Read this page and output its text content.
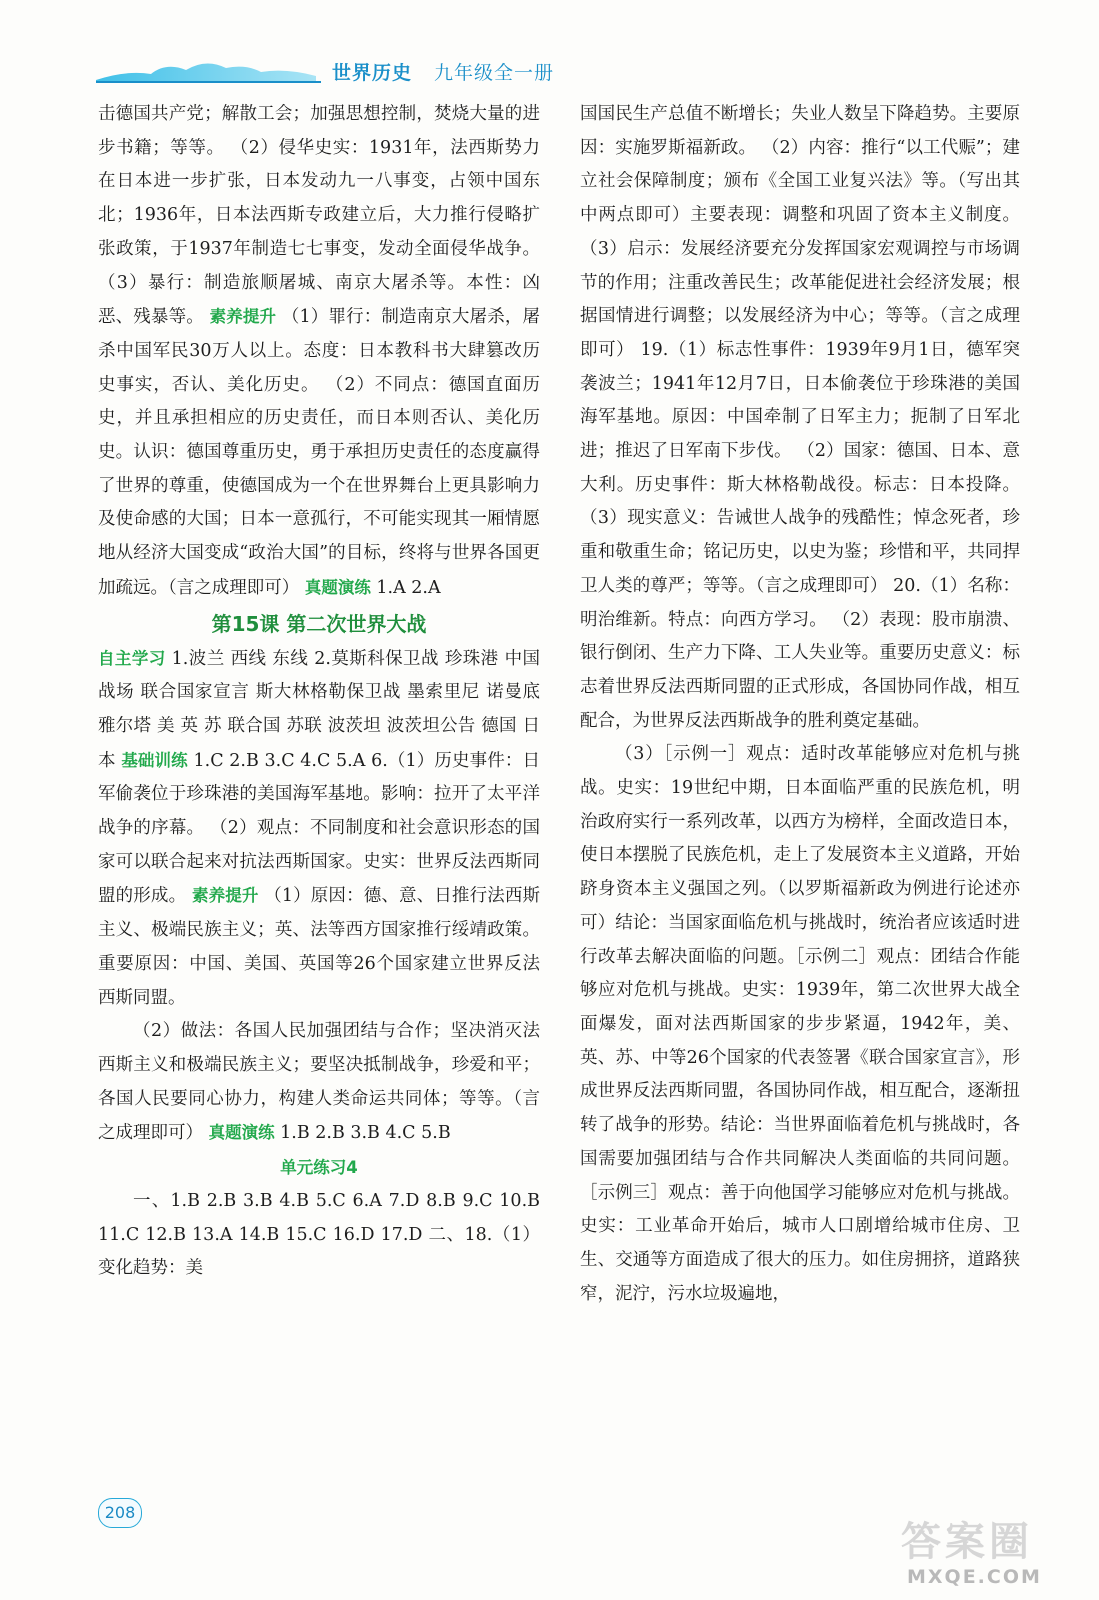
世界历史 九年级全一册

击德国共产党；解散工会；加强思想控制，焚烧大量的进步书籍；等等。 （2）侵华史实：1931年，法西斯势力在日本进一步扩张，日本发动九一八事变，占领中国东北；1936年，日本法西斯专政建立后，大力推行侵略扩张政策，于1937年制造七七事变，发动全面侵华战争。 （3）暴行：制造旅顺屠城、南京大屠杀等。本性：凶恶、残暴等。 素养提升 （1）罪行：制造南京大屠杀，屠杀中国军民30万人以上。态度：日本教科书大肆篡改历史事实，否认、美化历史。 （2）不同点：德国直面历史，并且承担相应的历史责任，而日本则否认、美化历史。认识：德国尊重历史，勇于承担历史责任的态度赢得了世界的尊重，使德国成为一个在世界舞台上更具影响力及使命感的大国；日本一意孤行，不可能实现其一厢情愿地从经济大国变成“政治大国”的目标，终将与世界各国更加疏远。（言之成理即可） 真题演练 1.A 2.A

第15课 第二次世界大战

自主学习 1.波兰 西线 东线 2.莫斯科保卫战 珍珠港 中国战场 联合国家宣言 斯大林格勒保卫战 墨索里尼 诺曼底 雅尔塔 美 英 苏 联合国 苏联 波茨坦 波茨坦公告 德国 日本 基础训练 1.C 2.B 3.C 4.C 5.A 6.（1）历史事件：日军偷袭位于珍珠港的美国海军基地。影响：拉开了太平洋战争的序幕。 （2）观点：不同制度和社会意识形态的国家可以联合起来对抗法西斯国家。史实：世界反法西斯同盟的形成。 素养提升 （1）原因：德、意、日推行法西斯主义、极端民族主义；英、法等西方国家推行绥靖政策。重要原因：中国、美国、英国等26个国家建立世界反法西斯同盟。

（2）做法：各国人民加强团结与合作；坚决消灭法西斯主义和极端民族主义；要坚决抵制战争，珍爱和平；各国人民要同心协力，构建人类命运共同体；等等。（言之成理即可） 真题演练 1.B 2.B 3.B 4.C 5.B

单元练习4

一、1.B 2.B 3.B 4.B 5.C 6.A 7.D 8.B 9.C 10.B 11.C 12.B 13.A 14.B 15.C 16.D 17.D 二、18.（1）变化趋势：美

国国民生产总值不断增长；失业人数呈下降趋势。主要原因：实施罗斯福新政。 （2）内容：推行“以工代赈”；建立社会保障制度；颁布《全国工业复兴法》等。（写出其中两点即可）主要表现：调整和巩固了资本主义制度。 （3）启示：发展经济要充分发挥国家宏观调控与市场调节的作用；注重改善民生；改革能促进社会经济发展；根据国情进行调整；以发展经济为中心；等等。（言之成理即可） 19.（1）标志性事件：1939年9月1日，德军突袭波兰；1941年12月7日，日本偷袭位于珍珠港的美国海军基地。原因：中国牵制了日军主力；扼制了日军北进；推迟了日军南下步伐。 （2）国家：德国、日本、意大利。历史事件：斯大林格勒战役。标志：日本投降。 （3）现实意义：告诫世人战争的残酷性；悼念死者，珍重和敬重生命；铭记历史，以史为鉴；珍惜和平，共同捍卫人类的尊严；等等。（言之成理即可） 20.（1）名称：明治维新。特点：向西方学习。 （2）表现：股市崩溃、银行倒闭、生产力下降、工人失业等。重要历史意义：标志着世界反法西斯同盟的正式形成，各国协同作战，相互配合，为世界反法西斯战争的胜利奠定基础。

（3）［示例一］观点：适时改革能够应对危机与挑战。史实：19世纪中期，日本面临严重的民族危机，明治政府实行一系列改革，以西方为榜样，全面改造日本，使日本摆脱了民族危机，走上了发展资本主义道路，开始跻身资本主义强国之列。（以罗斯福新政为例进行论述亦可）结论：当国家面临危机与挑战时，统治者应该适时进行改革去解决面临的问题。［示例二］观点：团结合作能够应对危机与挑战。史实：1939年，第二次世界大战全面爆发，面对法西斯国家的步步紧逼，1942年，美、英、苏、中等26个国家的代表签署《联合国家宣言》，形成世界反法西斯同盟，各国协同作战，相互配合，逐渐扭转了战争的形势。结论：当世界面临着危机与挑战时，各国需要加强团结与合作共同解决人类面临的共同问题。［示例三］观点：善于向他国学习能够应对危机与挑战。史实：工业革命开始后，城市人口剧增给城市住房、卫生、交通等方面造成了很大的压力。如住房拥挤，道路狭窄，泥泞，污水垃圾遍地，

208
答案圈
MXQE.COM
